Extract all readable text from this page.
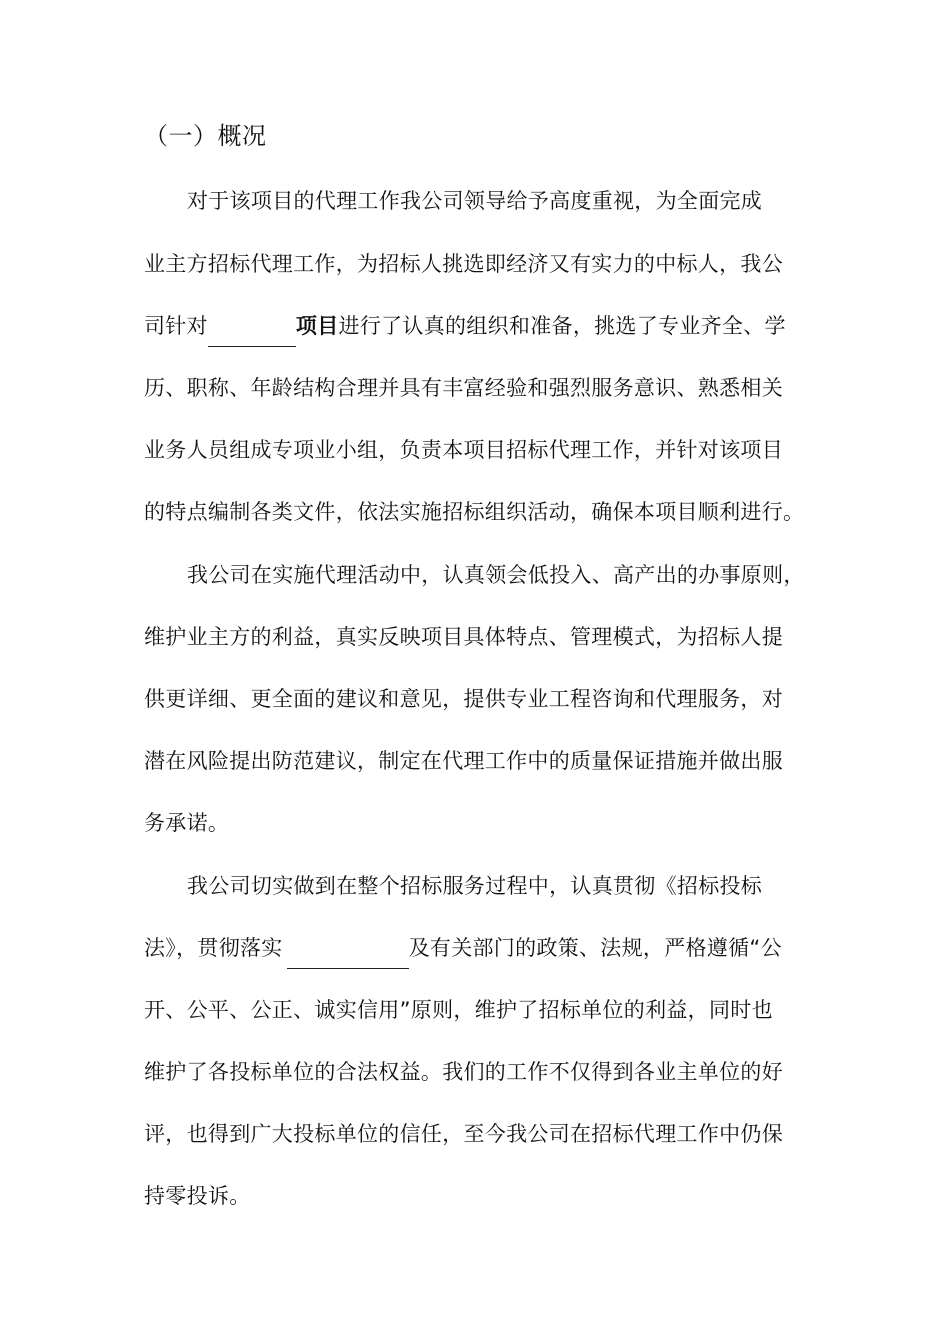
（一）概况
对于该项目的代理工作我公司领导给予高度重视，为全面完成
业主方招标代理工作，为招标人挑选即经济又有实力的中标人，我公
司针对	项目进行了认真的组织和准备，挑选了专业齐全、学
历、职称、年龄结构合理并具有丰富经验和强烈服务意识、熟悉相关
业务人员组成专项业小组，负责本项目招标代理工作，并针对该项目
的特点编制各类文件，依法实施招标组织活动，确保本项目顺利进行。
我公司在实施代理活动中，认真领会低投入、高产出的办事原则，
维护业主方的利益，真实反映项目具体特点、管理模式，为招标人提
供更详细、更全面的建议和意见，提供专业工程咨询和代理服务，对
潜在风险提出防范建议，制定在代理工作中的质量保证措施并做出服
务承诺。
我公司切实做到在整个招标服务过程中，认真贯彻《招标投标
法》，贯彻落实	及有关部门的政策、法规，严格遵循“公
开、公平、公正、诚实信用”原则，维护了招标单位的利益，同时也
维护了各投标单位的合法权益。我们的工作不仅得到各业主单位的好
评，也得到广大投标单位的信任，至今我公司在招标代理工作中仍保
持零投诉。
